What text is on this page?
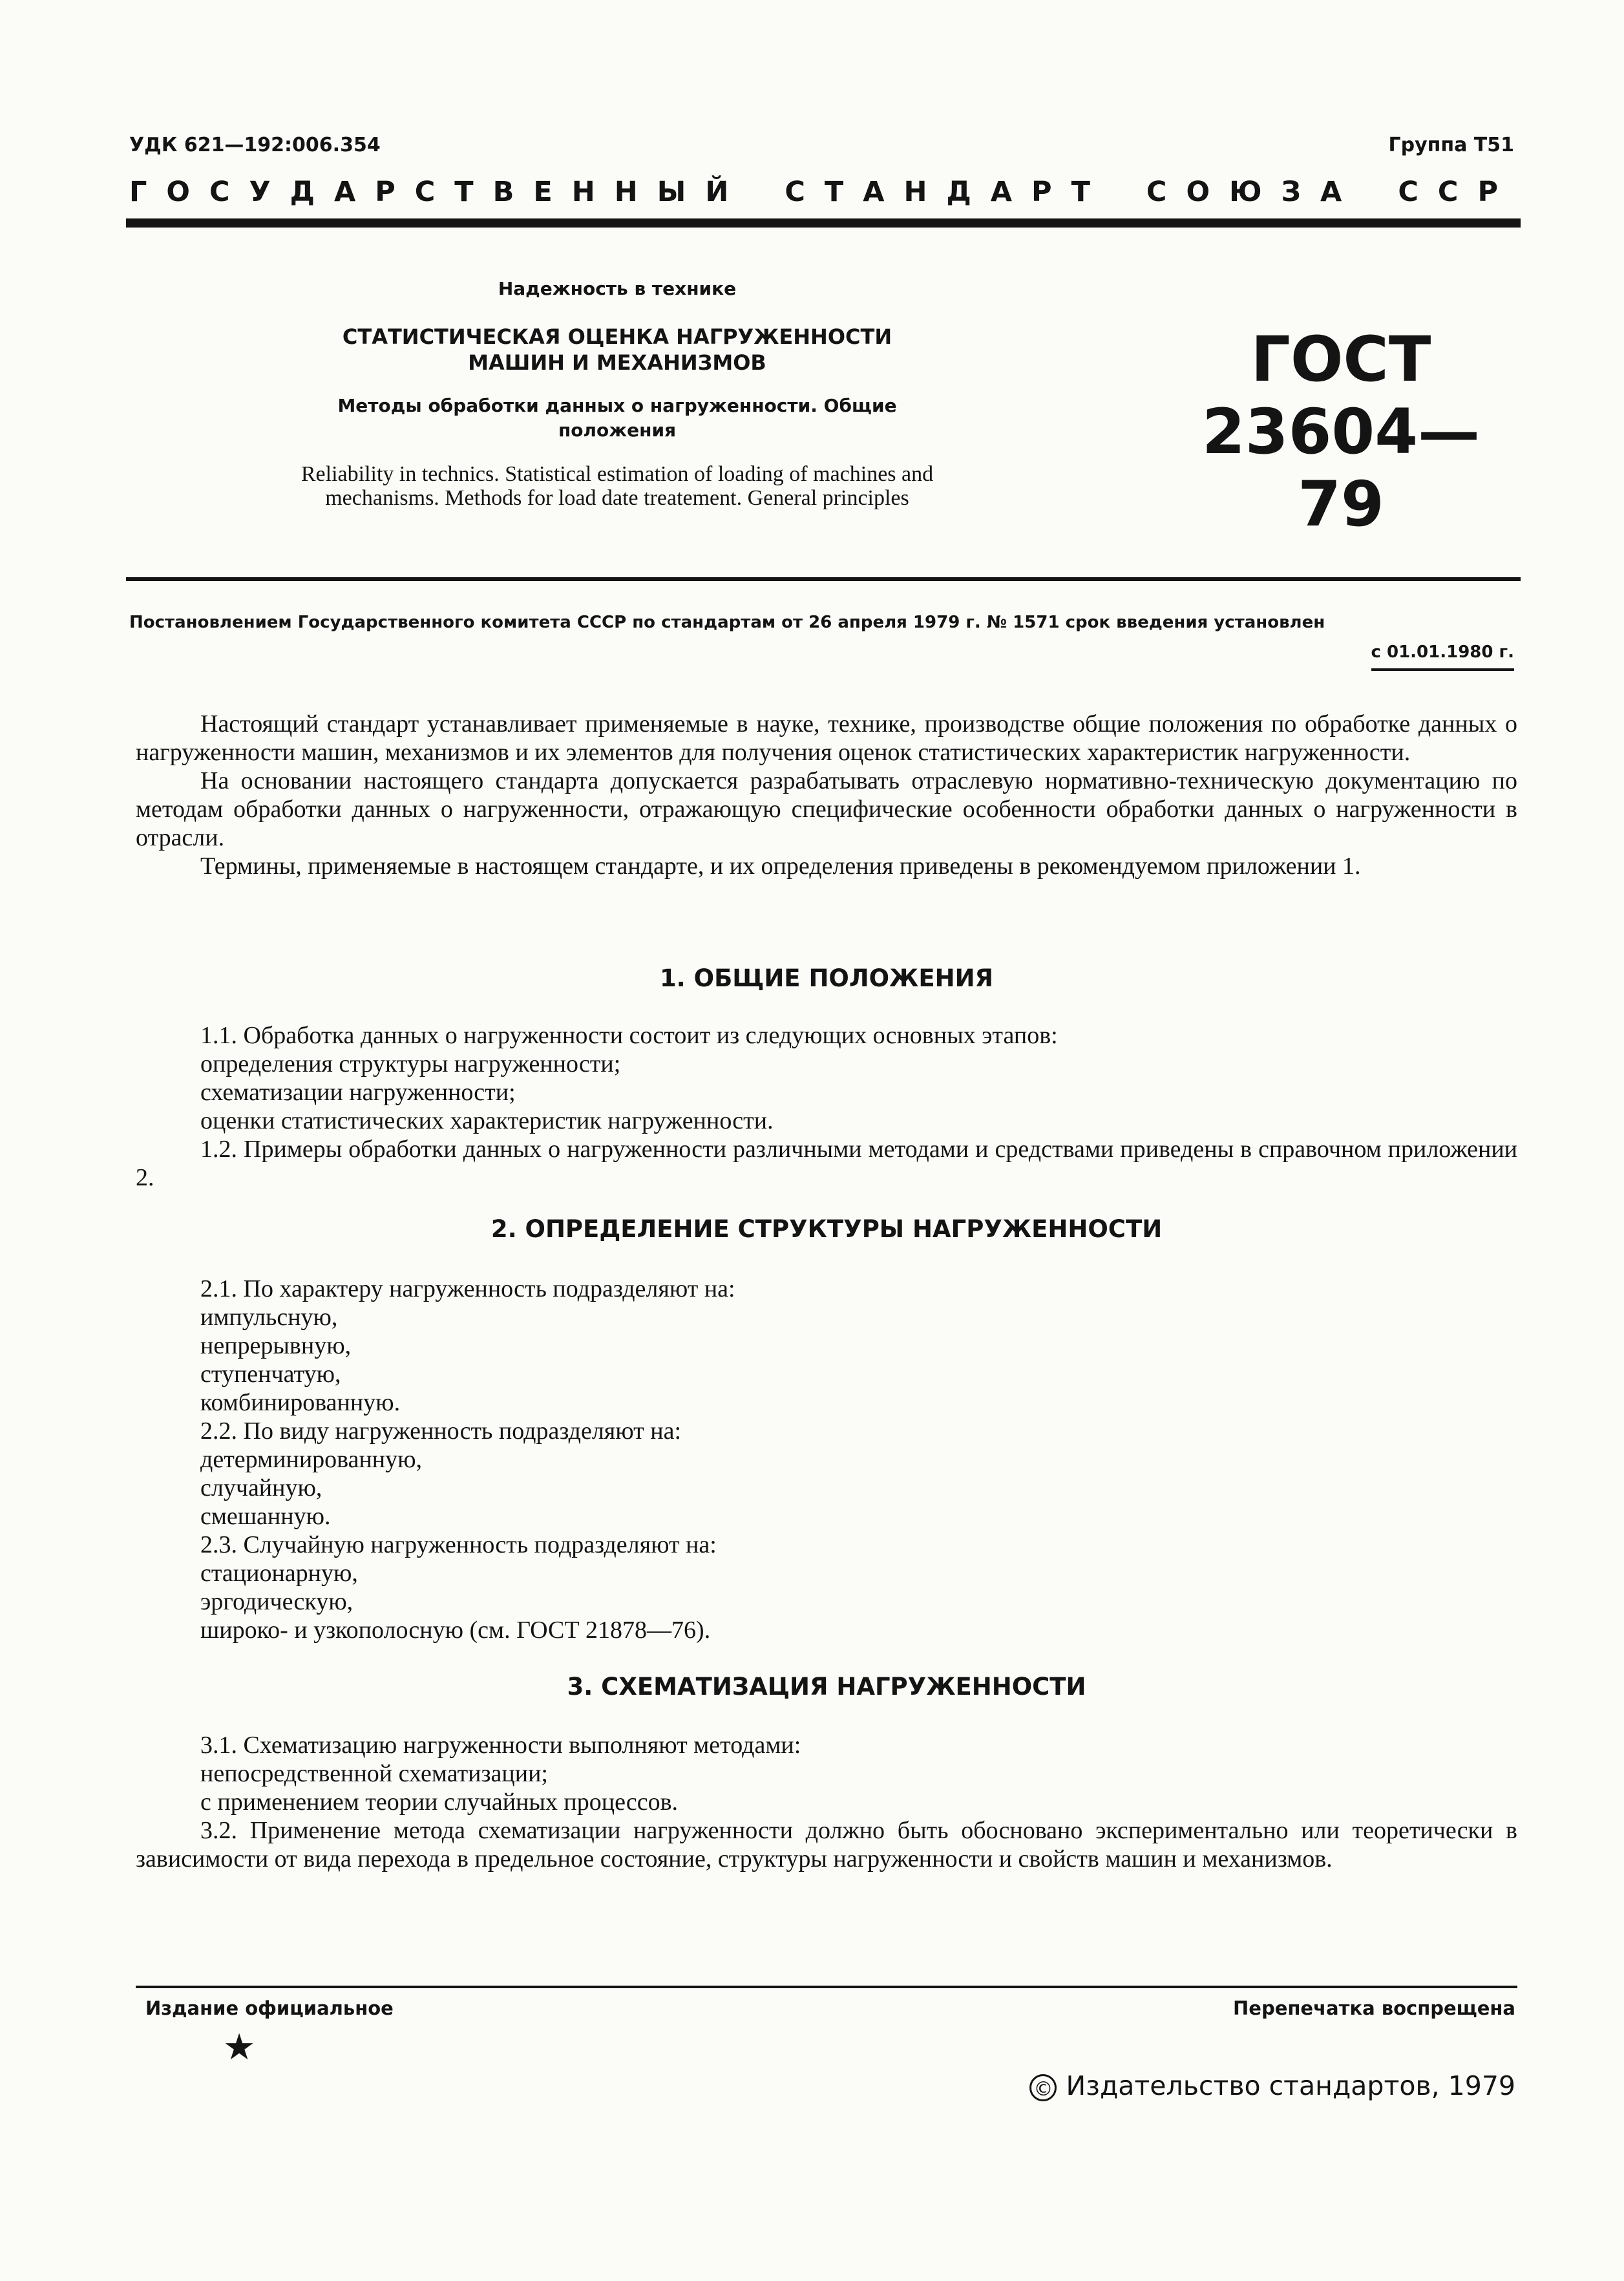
УДК 621—192:006.354	Группа Т51
ГОСУДАРСТВЕННЫЙ СТАНДАРТ СОЮЗА ССР
Надежность в технике
СТАТИСТИЧЕСКАЯ ОЦЕНКА НАГРУЖЕННОСТИ МАШИН И МЕХАНИЗМОВ
Методы обработки данных о нагруженности. Общие положения
Reliability in technics. Statistical estimation of loading of machines and mechanisms. Methods for load date treatement. General principles
ГОСТ
23604—79
Постановлением Государственного комитета СССР по стандартам от 26 апреля 1979 г. № 1571 срок введения установлен
с 01.01.1980 г.

Настоящий стандарт устанавливает применяемые в науке, технике, производстве общие положения по обработке данных о нагруженности машин, механизмов и их элементов для получения оценок статистических характеристик нагруженности.

На основании настоящего стандарта допускается разрабатывать отраслевую нормативно-техническую документацию по методам обработки данных о нагруженности, отражающую специфические особенности обработки данных о нагруженности в отрасли.

Термины, применяемые в настоящем стандарте, и их определения приведены в рекомендуемом приложении 1.

1. ОБЩИЕ ПОЛОЖЕНИЯ

1.1. Обработка данных о нагруженности состоит из следующих основных этапов:

определения структуры нагруженности;

схематизации нагруженности;

оценки статистических характеристик нагруженности.

1.2. Примеры обработки данных о нагруженности различными методами и средствами приведены в справочном приложении 2.

2. ОПРЕДЕЛЕНИЕ СТРУКТУРЫ НАГРУЖЕННОСТИ

2.1. По характеру нагруженность подразделяют на:

импульсную,

непрерывную,

ступенчатую,

комбинированную.

2.2. По виду нагруженность подразделяют на:

детерминированную,

случайную,

смешанную.

2.3. Случайную нагруженность подразделяют на:

стационарную,

эргодическую,

широко- и узкополосную (см. ГОСТ 21878—76).

3. СХЕМАТИЗАЦИЯ НАГРУЖЕННОСТИ

3.1. Схематизацию нагруженности выполняют методами:

непосредственной схематизации;

с применением теории случайных процессов.

3.2. Применение метода схематизации нагруженности должно быть обосновано экспериментально или теоретически в зависимости от вида перехода в предельное состояние, структуры нагруженности и свойств машин и механизмов.

Издание официальное	Перепечатка воспрещена
★
© Издательство стандартов, 1979
